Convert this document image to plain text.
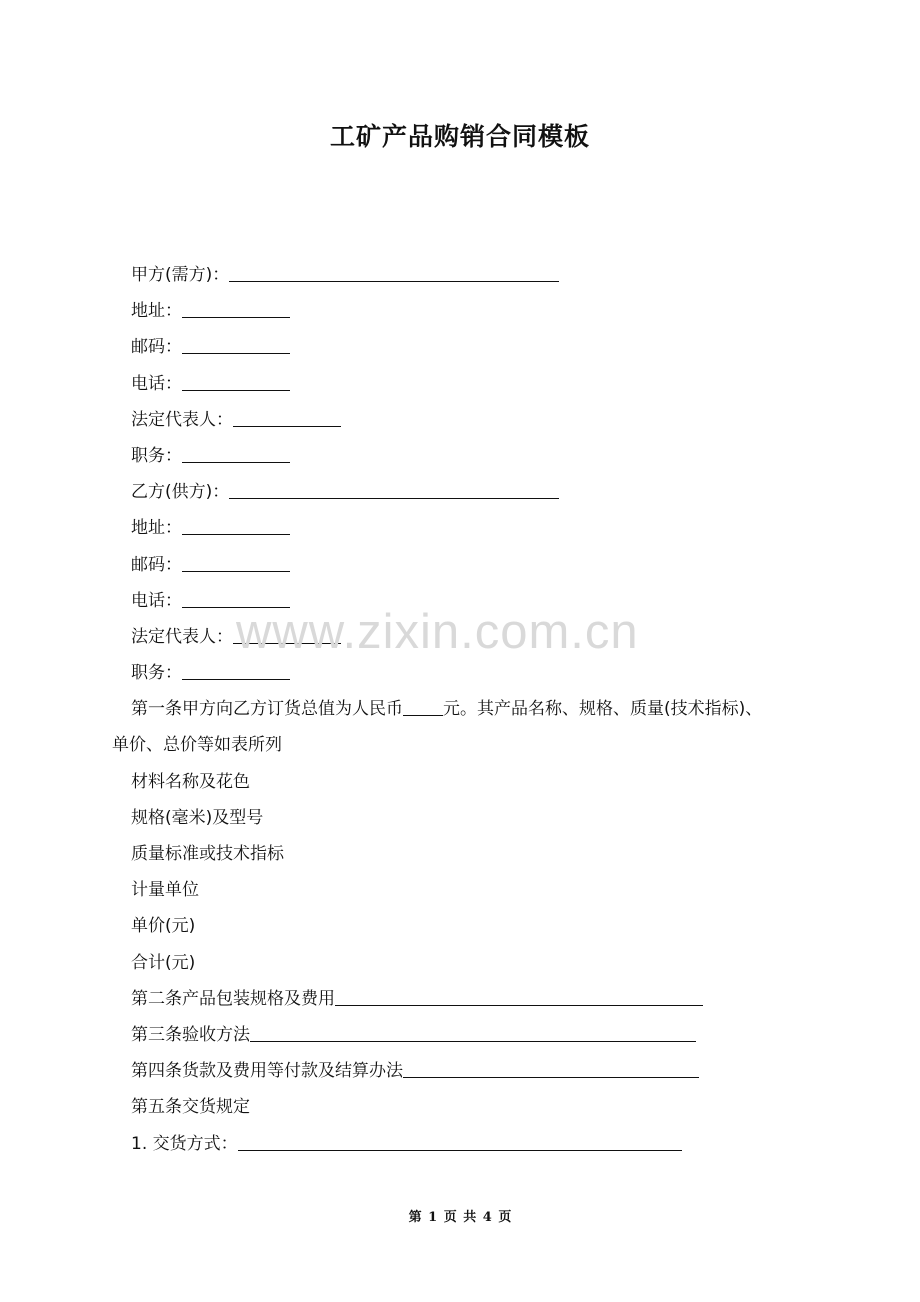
工矿产品购销合同模板
甲方(需方)：
地址：
邮码：
电话：
法定代表人：
职务：
乙方(供方)：
地址：
邮码：
电话：
法定代表人：
职务：
第一条甲方向乙方订货总值为人民币 元。其产品名称、规格、质量(技术指标)、
单价、总价等如表所列
材料名称及花色
规格(毫米)及型号
质量标准或技术指标
计量单位
单价(元)
合计(元)
第二条产品包装规格及费用
第三条验收方法
第四条货款及费用等付款及结算办法
第五条交货规定
1. 交货方式：
www.zixin.com.cn
第 1 页 共 4 页
